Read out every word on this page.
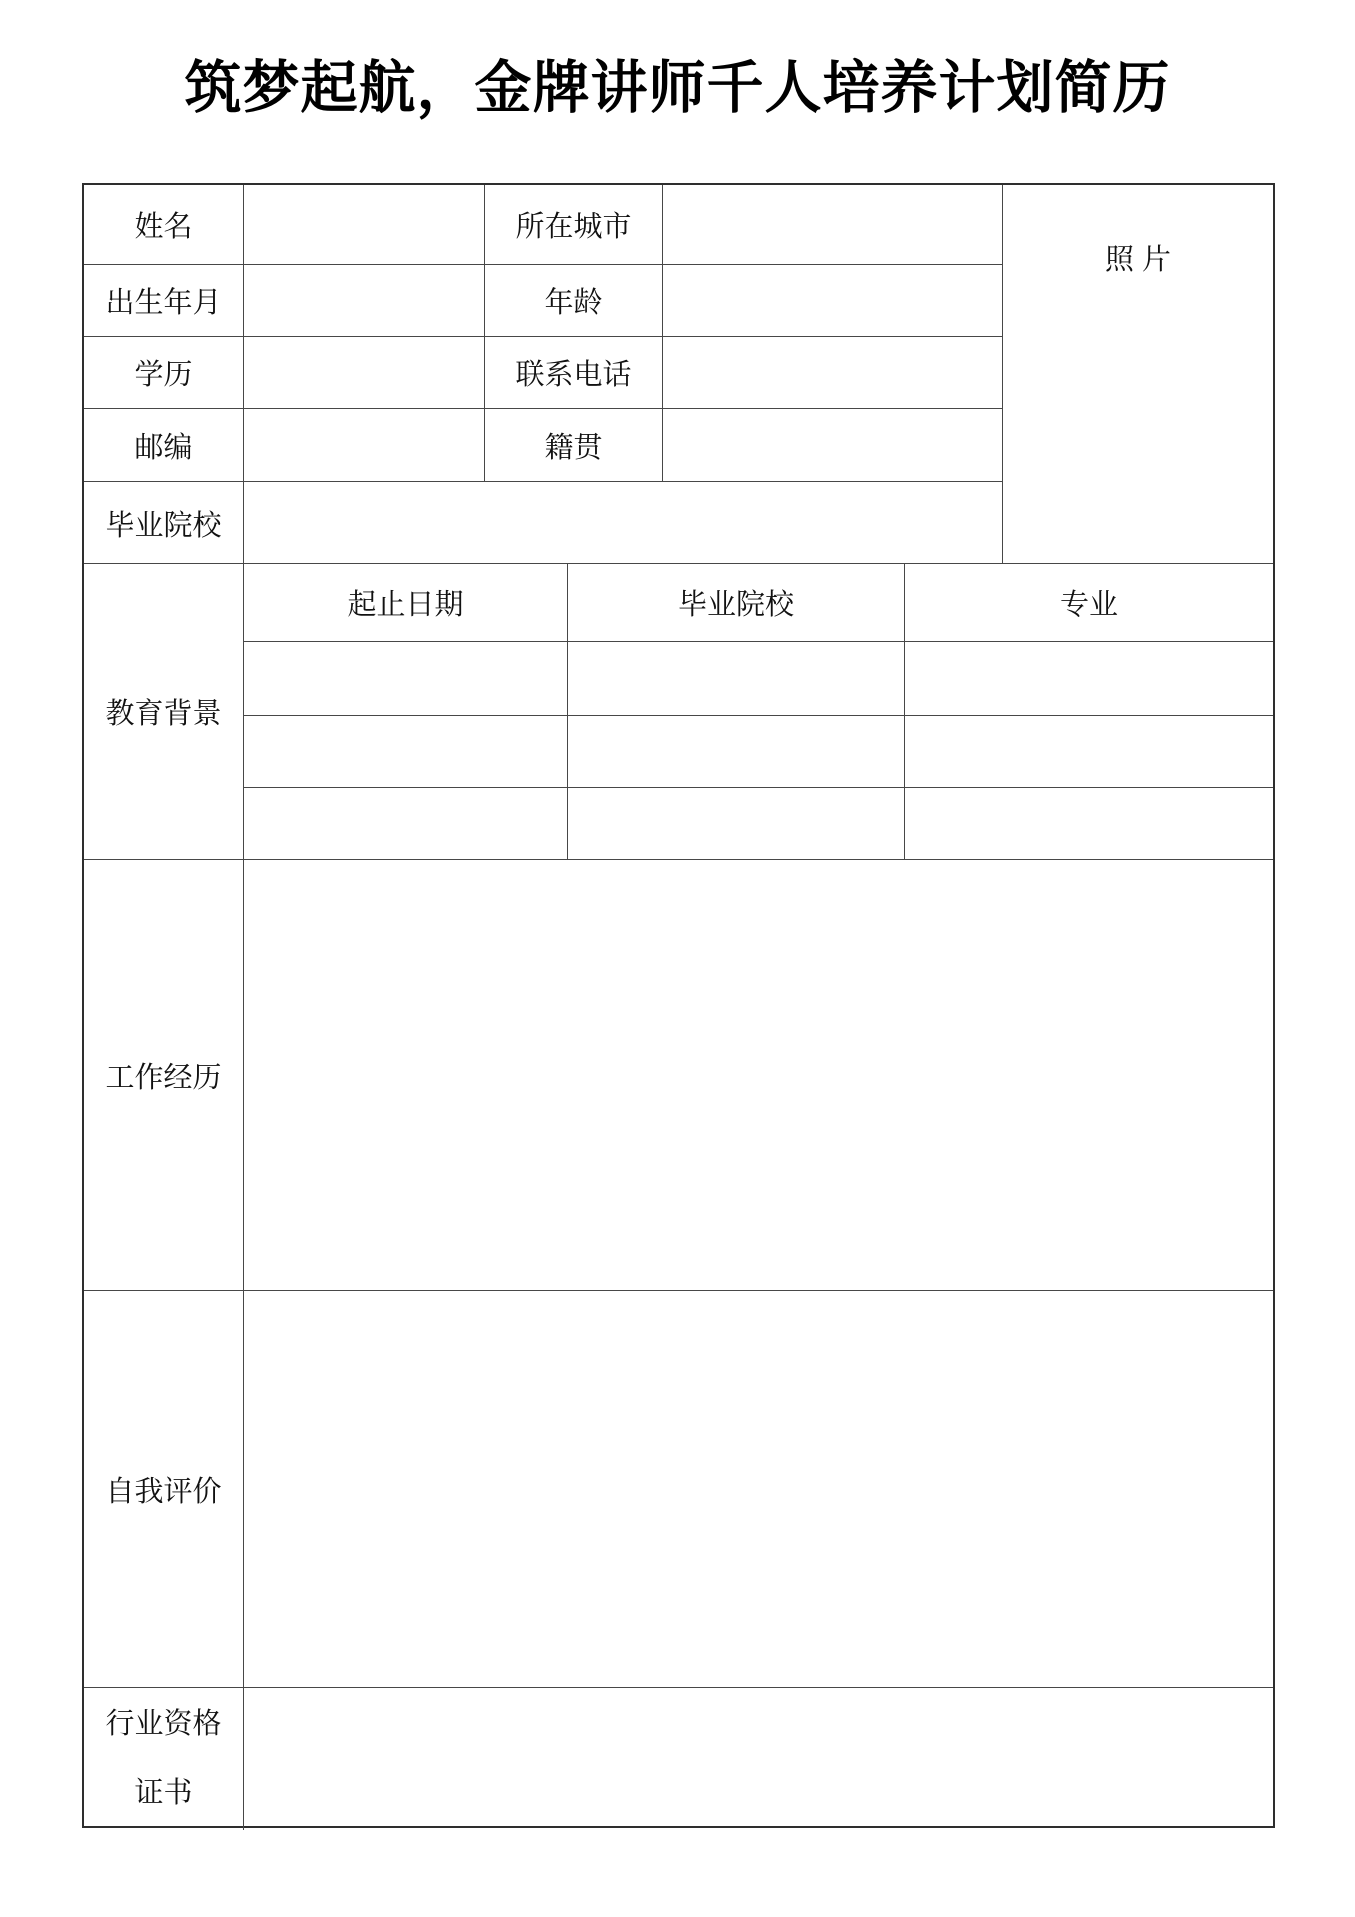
筑梦起航，金牌讲师千人培养计划简历
姓名	所在城市
出生年月	年龄
学历	联系电话
邮编	籍贯
毕业院校
照 片
教育背景
起止日期	毕业院校	专业
工作经历
自我评价
行业资格
证书
